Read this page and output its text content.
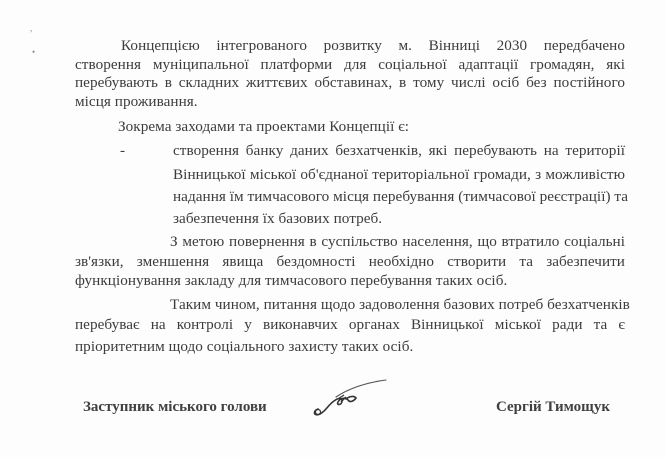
,
•	Концепцією інтегрованого розвитку м. Вінниці 2030 передбачено
створення муніципальної платформи для соціальної адаптації громадян, які
перебувають в складних життєвих обставинах, в тому числі осіб без постійного
місця проживання.
Зокрема заходами та проектами Концепції є:
-	створення банку даних безхатченків, які перебувають на території
Вінницької міської об'єднаної територіальної громади, з можливістю
надання їм тимчасового місця перебування (тимчасової реєстрації) та
забезпечення їх базових потреб.
З метою повернення в суспільство населення, що втратило соціальні
зв'язки, зменшення явища бездомності необхідно створити та забезпечити
функціонування закладу для тимчасового перебування таких осіб.
Таким чином, питання щодо задоволення базових потреб безхатченків
перебуває на контролі у виконавчих органах Вінницької міської ради та є
пріоритетним щодо соціального захисту таких осіб.
Заступник міського голови	Сергій Тимощук
